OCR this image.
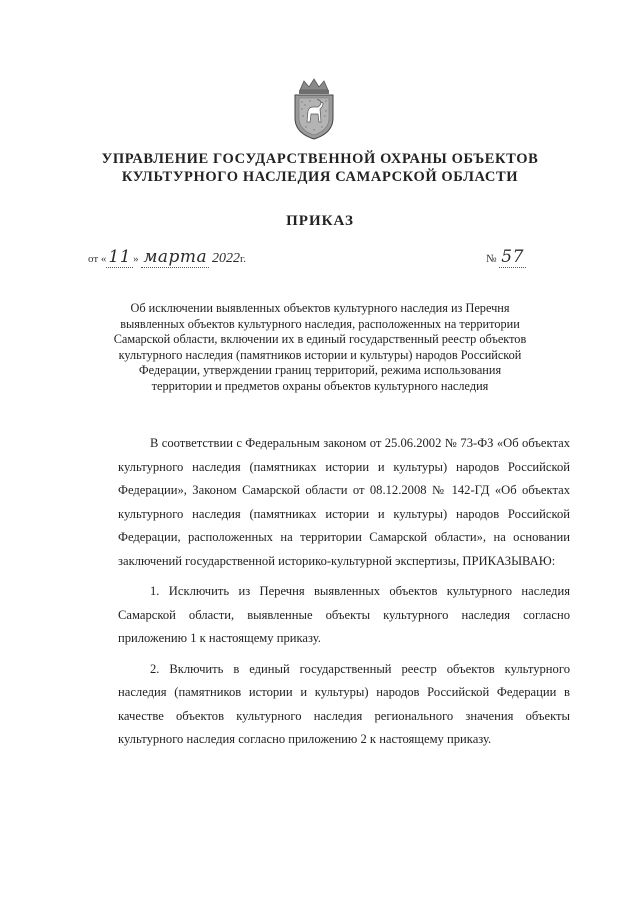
УПРАВЛЕНИЕ ГОСУДАРСТВЕННОЙ ОХРАНЫ ОБЪЕКТОВ КУЛЬТУРНОГО НАСЛЕДИЯ САМАРСКОЙ ОБЛАСТИ
ПРИКАЗ
от « 11 » марта 2022г.	№ 57

Об исключении выявленных объектов культурного наследия из Перечня выявленных объектов культурного наследия, расположенных на территории Самарской области, включении их в единый государственный реестр объектов культурного наследия (памятников истории и культуры) народов Российской Федерации, утверждении границ территорий, режима использования территории и предметов охраны объектов культурного наследия

В соответствии с Федеральным законом от 25.06.2002 № 73-ФЗ «Об объектах культурного наследия (памятниках истории и культуры) народов Российской Федерации», Законом Самарской области от 08.12.2008 № 142-ГД «Об объектах культурного наследия (памятниках истории и культуры) народов Российской Федерации, расположенных на территории Самарской области», на основании заключений государственной историко-культурной экспертизы, ПРИКАЗЫВАЮ:

1. Исключить из Перечня выявленных объектов культурного наследия Самарской области, выявленные объекты культурного наследия согласно приложению 1 к настоящему приказу.

2. Включить в единый государственный реестр объектов культурного наследия (памятников истории и культуры) народов Российской Федерации в качестве объектов культурного наследия регионального значения объекты культурного наследия согласно приложению 2 к настоящему приказу.
